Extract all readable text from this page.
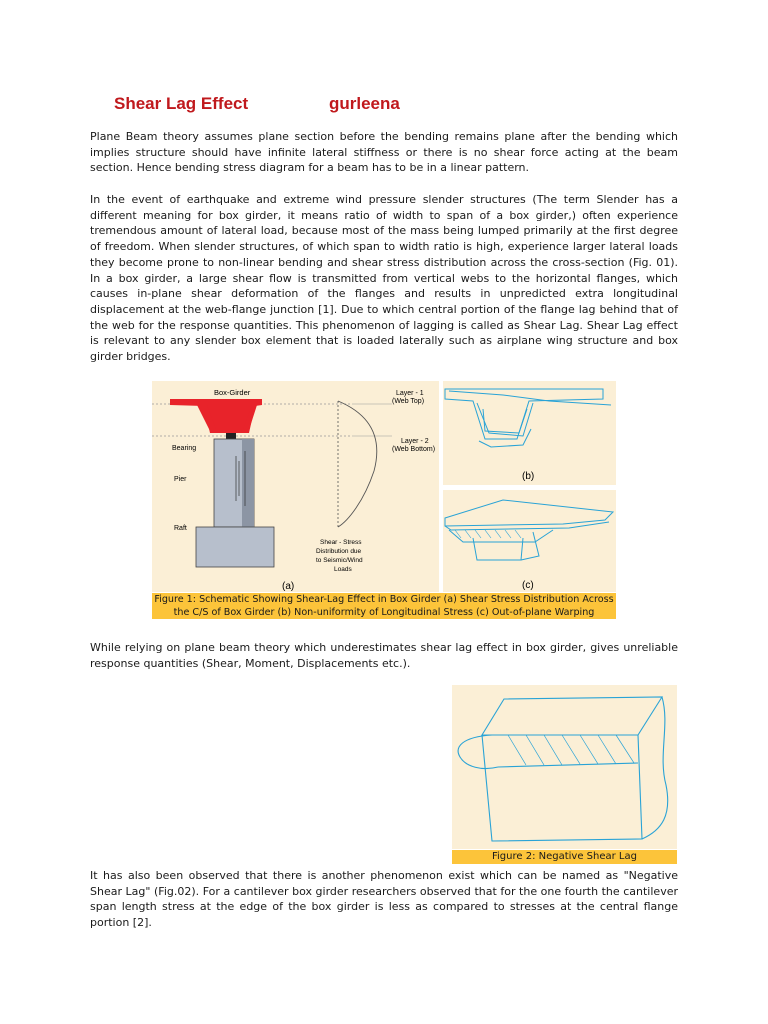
Shear Lag Effect	gurleena

Plane Beam theory assumes plane section before the bending remains plane after the bending which implies structure should have infinite lateral stiffness or there is no shear force acting at the beam section. Hence bending stress diagram for a beam has to be in a linear pattern.

In the event of earthquake and extreme wind pressure slender structures (The term Slender has a different meaning for box girder, it means ratio of width to span of a box girder,) often experience tremendous amount of lateral load, because most of the mass being lumped primarily at the first degree of freedom. When slender structures, of which span to width ratio is high, experience larger lateral loads they become prone to non-linear bending and shear stress distribution across the cross-section (Fig. 01). In a box girder, a large shear flow is transmitted from vertical webs to the horizontal flanges, which causes in-plane shear deformation of the flanges and results in unpredicted extra longitudinal displacement at the web-flange junction [1]. Due to which central portion of the flange lag behind that of the web for the response quantities. This phenomenon of lagging is called as Shear Lag. Shear Lag effect is relevant to any slender box element that is loaded laterally such as airplane wing structure and box girder bridges.

Box-Girder	Layer - 1
(Web Top)
Layer - 2
(Web Bottom)
Bearing
Pier
Raft
Shear - Stress
Distribution due
to Seismic/Wind
Loads
(a)
(b)
(c)
Figure 1: Schematic Showing Shear-Lag Effect in Box Girder (a) Shear Stress Distribution Across the C/S of Box Girder (b) Non-uniformity of Longitudinal Stress (c) Out-of-plane Warping

While relying on plane beam theory which underestimates shear lag effect in box girder, gives unreliable response quantities (Shear, Moment, Displacements etc.).

Figure 2: Negative Shear Lag

It has also been observed that there is another phenomenon exist which can be named as "Negative Shear Lag" (Fig.02). For a cantilever box girder researchers observed that for the one fourth the cantilever span length stress at the edge of the box girder is less as compared to stresses at the central flange portion [2].
